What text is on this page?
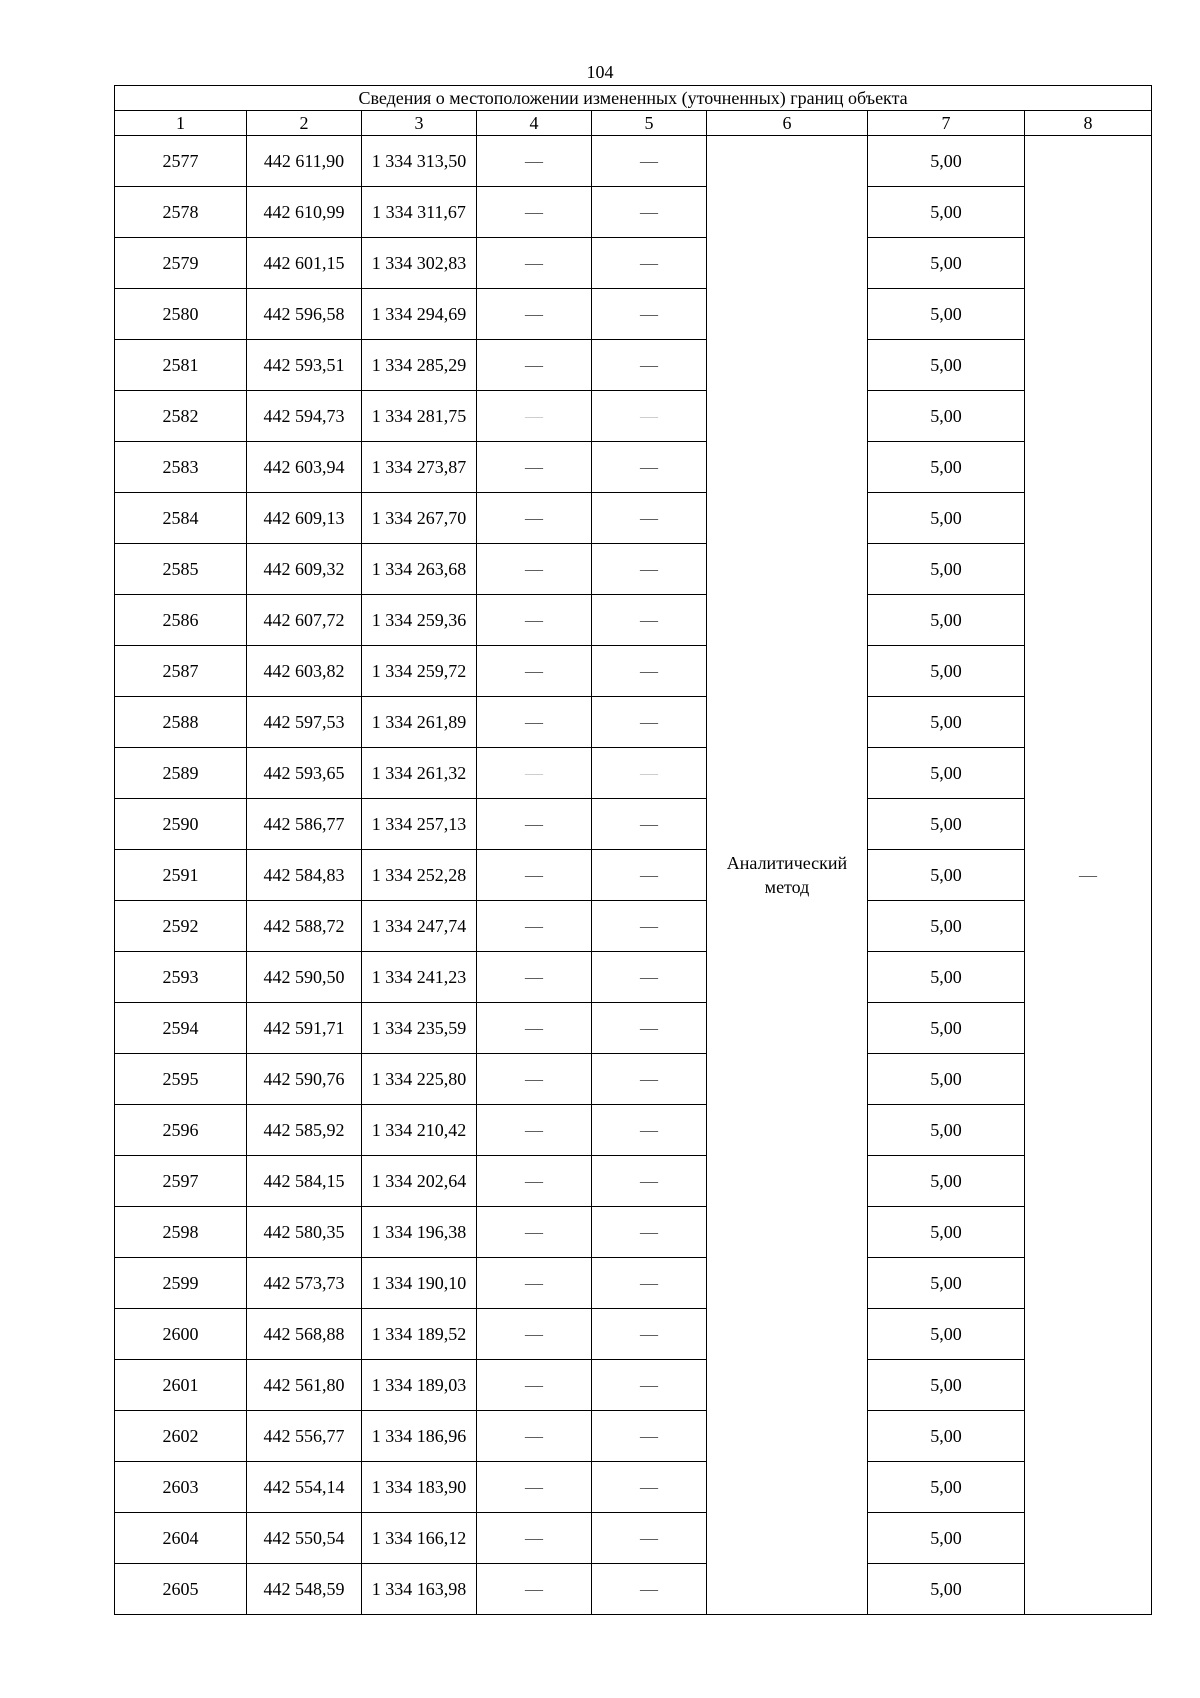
104
Сведения о местоположении измененных (уточненных) границ объекта							
1	2	3	4	5	6	7	8
2577	442 611,90	1 334 313,50	—	—	Аналитический метод	5,00	—
2578	442 610,99	1 334 311,67	—	—		5,00	
2579	442 601,15	1 334 302,83	—	—		5,00	
2580	442 596,58	1 334 294,69	—	—		5,00	
2581	442 593,51	1 334 285,29	—	—		5,00	
2582	442 594,73	1 334 281,75	—	—		5,00	
2583	442 603,94	1 334 273,87	—	—		5,00	
2584	442 609,13	1 334 267,70	—	—		5,00	
2585	442 609,32	1 334 263,68	—	—		5,00	
2586	442 607,72	1 334 259,36	—	—		5,00	
2587	442 603,82	1 334 259,72	—	—		5,00	
2588	442 597,53	1 334 261,89	—	—		5,00	
2589	442 593,65	1 334 261,32	—	—		5,00	
2590	442 586,77	1 334 257,13	—	—		5,00	
2591	442 584,83	1 334 252,28	—	—		5,00	
2592	442 588,72	1 334 247,74	—	—		5,00	
2593	442 590,50	1 334 241,23	—	—		5,00	
2594	442 591,71	1 334 235,59	—	—		5,00	
2595	442 590,76	1 334 225,80	—	—		5,00	
2596	442 585,92	1 334 210,42	—	—		5,00	
2597	442 584,15	1 334 202,64	—	—		5,00	
2598	442 580,35	1 334 196,38	—	—		5,00	
2599	442 573,73	1 334 190,10	—	—		5,00	
2600	442 568,88	1 334 189,52	—	—		5,00	
2601	442 561,80	1 334 189,03	—	—		5,00	
2602	442 556,77	1 334 186,96	—	—		5,00	
2603	442 554,14	1 334 183,90	—	—		5,00	
2604	442 550,54	1 334 166,12	—	—		5,00	
2605	442 548,59	1 334 163,98	—	—		5,00	
